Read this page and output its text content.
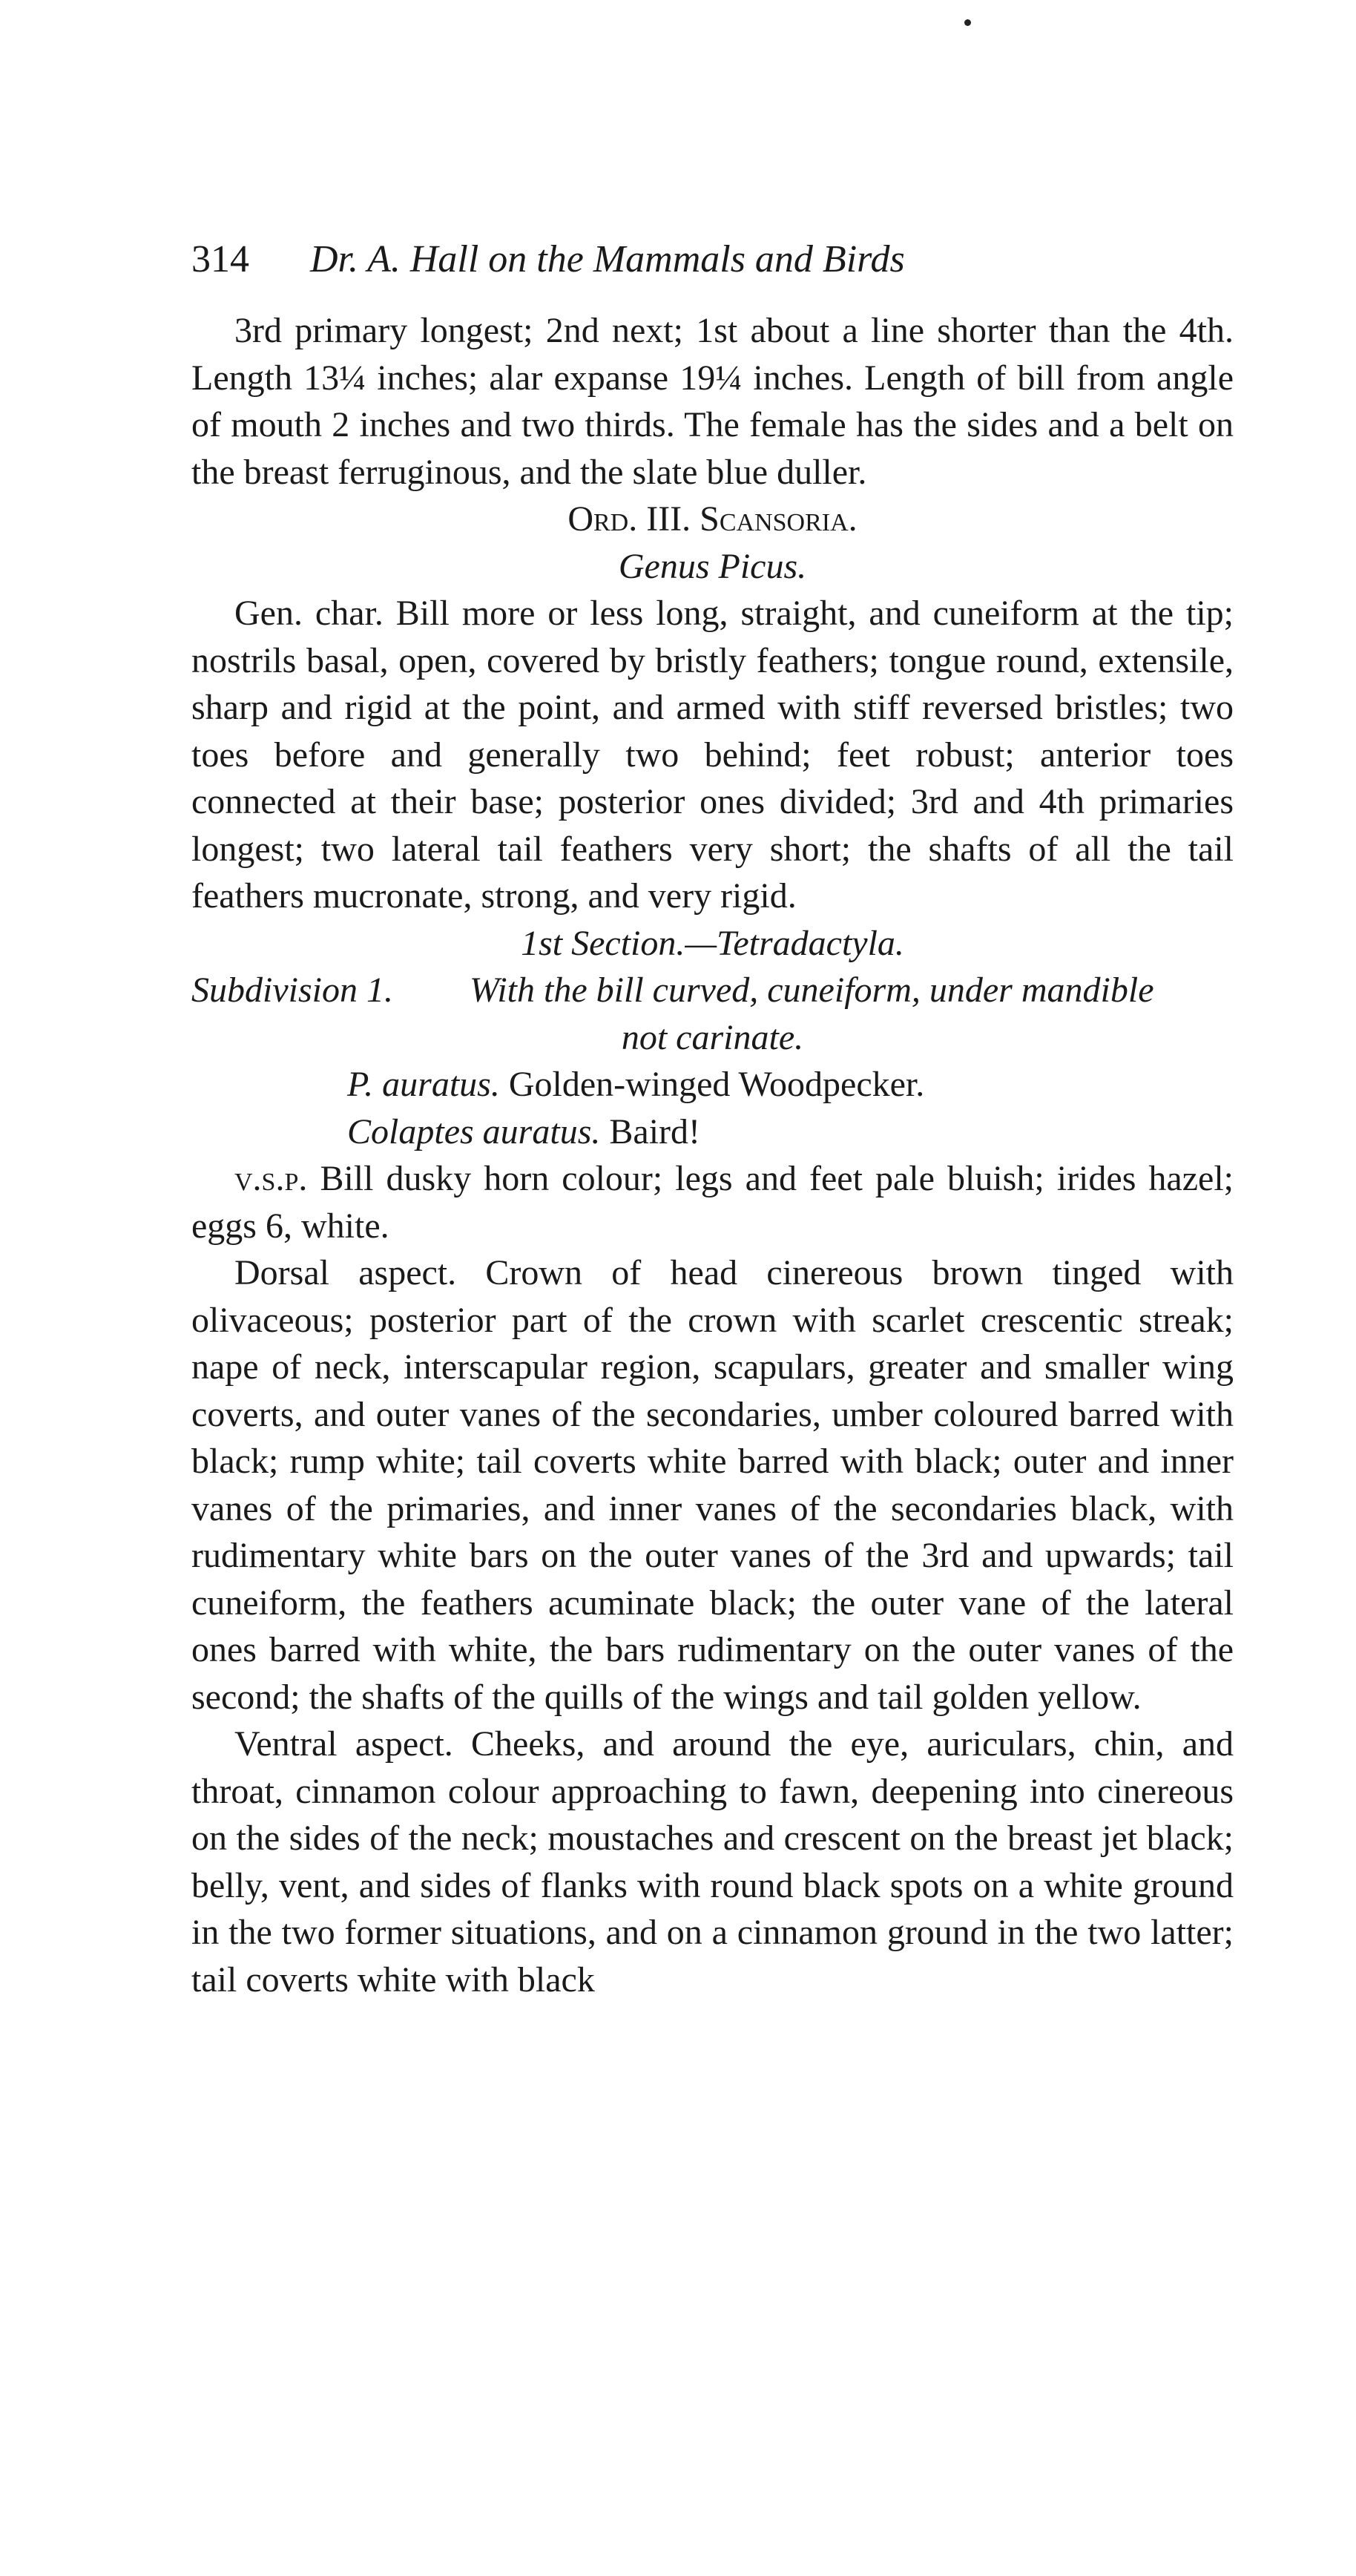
314 Dr. A. Hall on the Mammals and Birds

3rd primary longest; 2nd next; 1st about a line shorter than the 4th. Length 13¼ inches; alar expanse 19¼ inches. Length of bill from angle of mouth 2 inches and two thirds. The female has the sides and a belt on the breast ferruginous, and the slate blue duller.

Ord. III. Scansoria.

Genus Picus.

Gen. char. Bill more or less long, straight, and cuneiform at the tip; nostrils basal, open, covered by bristly feathers; tongue round, extensile, sharp and rigid at the point, and armed with stiff reversed bristles; two toes before and generally two behind; feet robust; anterior toes connected at their base; posterior ones divided; 3rd and 4th primaries longest; two lateral tail feathers very short; the shafts of all the tail feathers mucronate, strong, and very rigid.

1st Section.—Tetradactyla.

Subdivision 1. With the bill curved, cuneiform, under mandible
not carinate.

P. auratus. Golden-winged Woodpecker.

Colaptes auratus. Baird!

v.s.p. Bill dusky horn colour; legs and feet pale bluish; irides hazel; eggs 6, white.

Dorsal aspect. Crown of head cinereous brown tinged with olivaceous; posterior part of the crown with scarlet crescentic streak; nape of neck, interscapular region, scapulars, greater and smaller wing coverts, and outer vanes of the secondaries, umber coloured barred with black; rump white; tail coverts white barred with black; outer and inner vanes of the primaries, and inner vanes of the secondaries black, with rudimentary white bars on the outer vanes of the 3rd and upwards; tail cuneiform, the feathers acuminate black; the outer vane of the lateral ones barred with white, the bars rudimentary on the outer vanes of the second; the shafts of the quills of the wings and tail golden yellow.

Ventral aspect. Cheeks, and around the eye, auriculars, chin, and throat, cinnamon colour approaching to fawn, deepening into cinereous on the sides of the neck; moustaches and crescent on the breast jet black; belly, vent, and sides of flanks with round black spots on a white ground in the two former situations, and on a cinnamon ground in the two latter; tail coverts white with black
